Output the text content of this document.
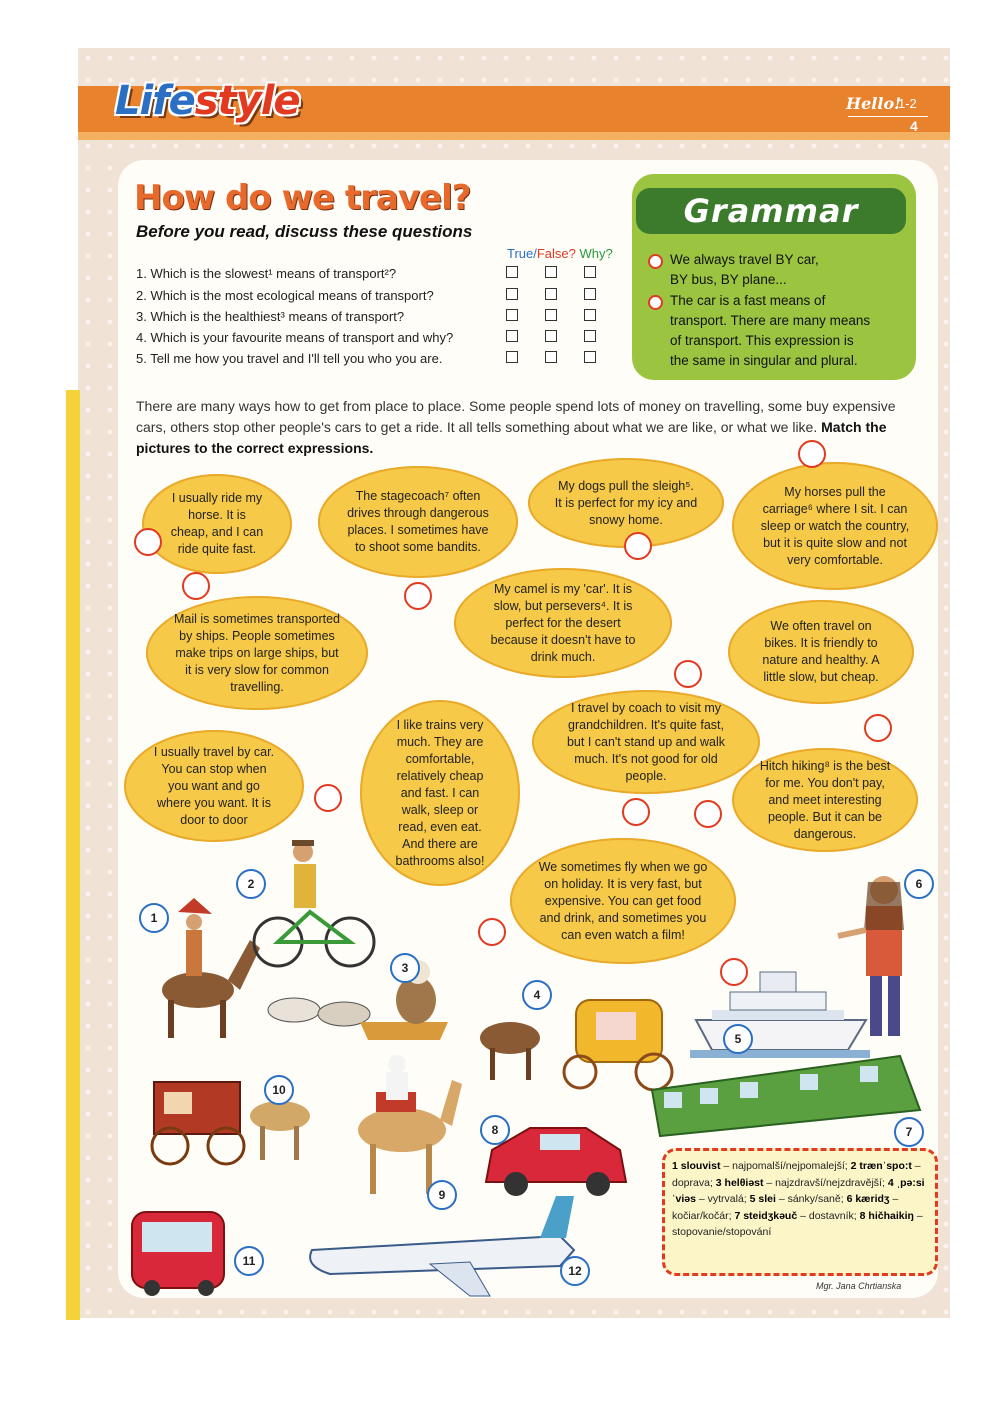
Lifestyle	Hello!
1-2
4
How do we travel?
Before you read, discuss these questions
True/False? Why?
1. Which is the slowest¹ means of transport²?
2. Which is the most ecological means of transport?
3. Which is the healthiest³ means of transport?
4. Which is your favourite means of transport and why?
5. Tell me how you travel and I'll tell you who you are.
Grammar
We always travel BY car,
BY bus, BY plane...
The car is a fast means of
transport. There are many means
of transport. This expression is
the same in singular and plural.
There are many ways how to get from place to place. Some people spend lots of money on travelling, some buy expensive cars, others stop other people's cars to get a ride. It all tells something about what we are like, or what we like. Match the pictures to the correct expressions.
I usually ride my horse. It is cheap, and I can ride quite fast.
The stagecoach⁷ often drives through dangerous places. I sometimes have to shoot some bandits.
My dogs pull the sleigh⁵. It is perfect for my icy and snowy home.
My horses pull the carriage⁶ where I sit. I can sleep or watch the country, but it is quite slow and not very comfortable.
Mail is sometimes transported by ships. People sometimes make trips on large ships, but it is very slow for common travelling.
My camel is my 'car'. It is slow, but persevers⁴. It is perfect for the desert because it doesn't have to drink much.
We often travel on bikes. It is friendly to nature and healthy. A little slow, but cheap.
I usually travel by car. You can stop when you want and go where you want. It is door to door
I like trains very much. They are comfortable, relatively cheap and fast. I can walk, sleep or read, even eat. And there are bathrooms also!
I travel by coach to visit my grandchildren. It's quite fast, but I can't stand up and walk much. It's not good for old people.
Hitch hiking⁸ is the best for me. You don't pay, and meet interesting people. But it can be dangerous.
We sometimes fly when we go on holiday. It is very fast, but expensive. You can get food and drink, and sometimes you can even watch a film!
1
2
3
4
5
6
7
8
9
10
11
12
1 slouvist – najpomalší/nejpomalejší; 2 trænˈspo:t – doprava; 3 helθiəst – najzdravší/nejzdravější; 4 ˌpə:siˈviəs – vytrvalá; 5 slei – sánky/saně; 6 kæridʒ – kočiar/kočár; 7 steidʒkəuč – dostavník; 8 hičhaikiŋ – stopovanie/stopování
Mgr. Jana Chrtianska
